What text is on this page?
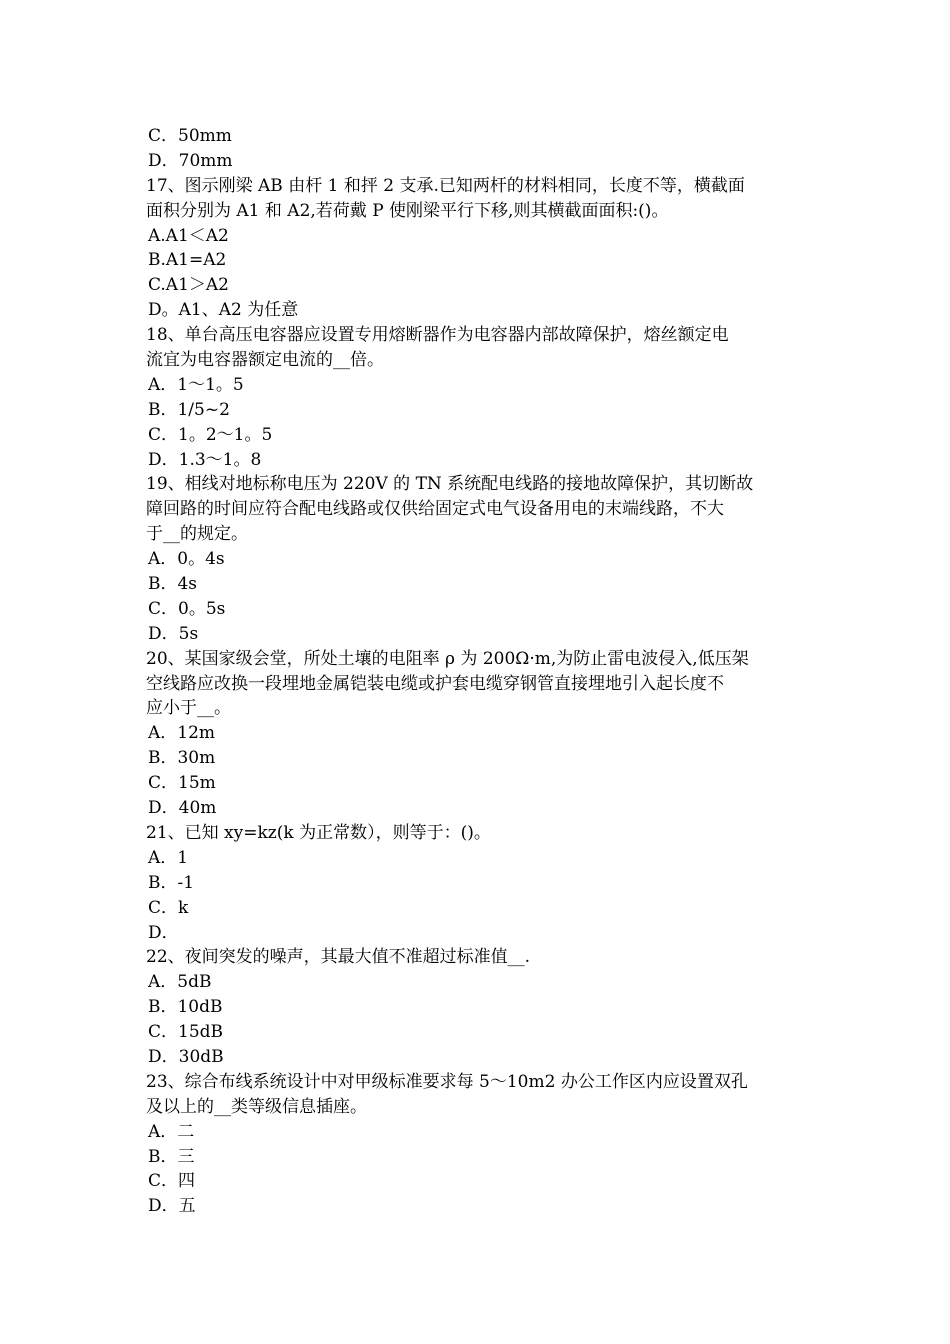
C．50mm
D．70mm
17、图示刚梁 AB 由杆 1 和抨 2 支承.已知两杆的材料相同，长度不等，横截面
面积分别为 A1 和 A2,若荷戴 P 使刚梁平行下移,则其横截面面积:()。
A.A1＜A2
B.A1=A2
C.A1＞A2
D。A1、A2 为任意
18、单台高压电容器应设置专用熔断器作为电容器内部故障保护，熔丝额定电
流宜为电容器额定电流的__倍。
A．1～1。5
B．1/5~2
C．1。2～1。5
D．1.3～1。8
19、相线对地标称电压为 220V 的 TN 系统配电线路的接地故障保护，其切断故
障回路的时间应符合配电线路或仅供给固定式电气设备用电的末端线路，不大
于__的规定。
A．0。4s
B．4s
C．0。5s
D．5s
20、某国家级会堂，所处土壤的电阻率 ρ 为 200Ω·m,为防止雷电波侵入,低压架
空线路应改换一段埋地金属铠装电缆或护套电缆穿钢管直接埋地引入起长度不
应小于__。
A．12m
B．30m
C．15m
D．40m
21、已知 xy=kz(k 为正常数），则等于：()。
A．1
B．-1
C．k
D．
22、夜间突发的噪声，其最大值不准超过标准值__.
A．5dB
B．10dB
C．15dB
D．30dB
23、综合布线系统设计中对甲级标准要求每 5～10m2 办公工作区内应设置双孔
及以上的__类等级信息插座。
A．二
B．三
C．四
D．五
